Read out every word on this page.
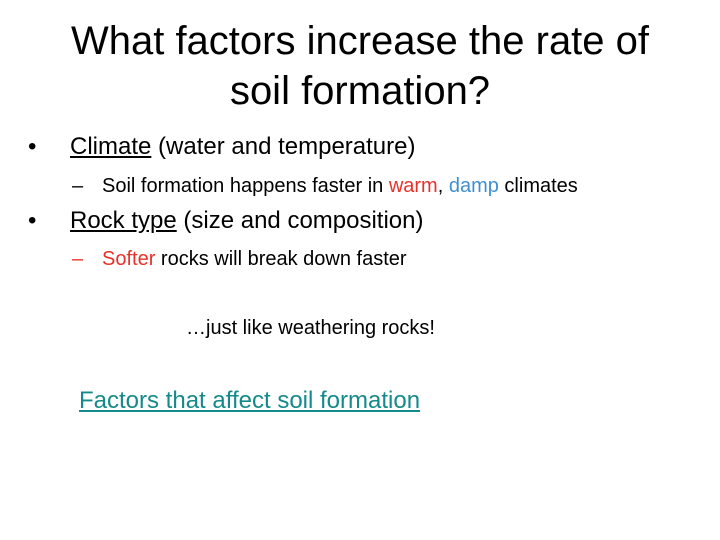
What factors increase the rate of
soil formation?
• Climate (water and temperature)
– Soil formation happens faster in warm, damp climates
• Rock type (size and composition)
– Softer rocks will break down faster
…just like weathering rocks!
Factors that affect soil formation
